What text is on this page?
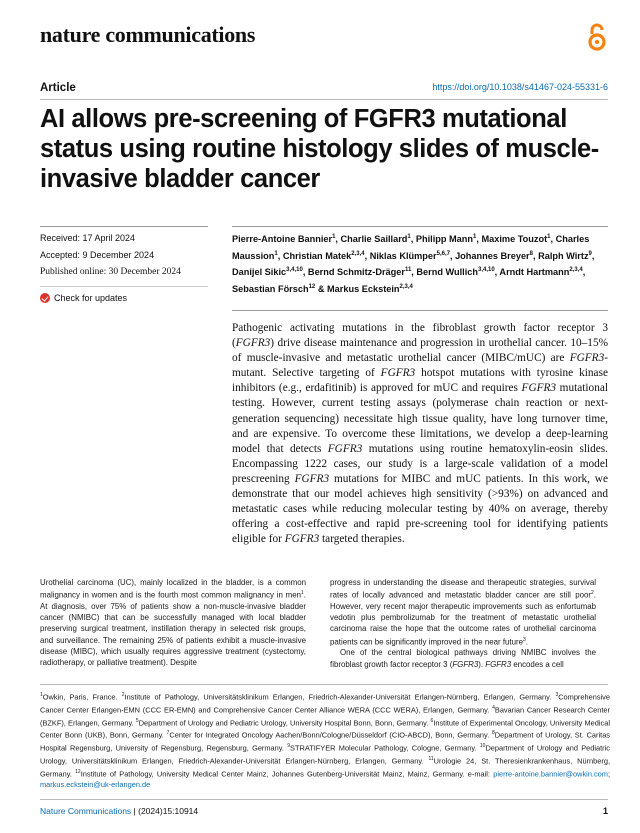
nature communications
Article	https://doi.org/10.1038/s41467-024-55331-6
AI allows pre-screening of FGFR3 mutational status using routine histology slides of muscle-invasive bladder cancer
Received: 17 April 2024
Accepted: 9 December 2024
Published online: 30 December 2024
Check for updates
Pierre-Antoine Bannier$^1$, Charlie Saillard$^1$, Philipp Mann$^1$, Maxime Touzot$^1$, Charles Maussion$^1$, Christian Matek$^{2,3,4}$, Niklas Klümper$^{5,6,7}$, Johannes Breyer$^8$, Ralph Wirtz$^9$, Danijel Sikic$^{3,4,10}$, Bernd Schmitz-Dräger$^{11}$, Bernd Wullich$^{3,4,10}$, Arndt Hartmann$^{2,3,4}$, Sebastian Försch$^{12}$ & Markus Eckstein$^{2,3,4}$
Pathogenic activating mutations in the fibroblast growth factor receptor 3 (FGFR3) drive disease maintenance and progression in urothelial cancer. 10–15% of muscle-invasive and metastatic urothelial cancer (MIBC/mUC) are FGFR3-mutant. Selective targeting of FGFR3 hotspot mutations with tyrosine kinase inhibitors (e.g., erdafitinib) is approved for mUC and requires FGFR3 mutational testing. However, current testing assays (polymerase chain reaction or next-generation sequencing) necessitate high tissue quality, have long turnover time, and are expensive. To overcome these limitations, we develop a deep-learning model that detects FGFR3 mutations using routine hematoxylin-eosin slides. Encompassing 1222 cases, our study is a large-scale validation of a model prescreening FGFR3 mutations for MIBC and mUC patients. In this work, we demonstrate that our model achieves high sensitivity (>93%) on advanced and metastatic cases while reducing molecular testing by 40% on average, thereby offering a cost-effective and rapid pre-screening tool for identifying patients eligible for FGFR3 targeted therapies.

Urothelial carcinoma (UC), mainly localized in the bladder, is a common malignancy in women and is the fourth most common malignancy in men$^1$. At diagnosis, over 75% of patients show a non-muscle-invasive bladder cancer (NMIBC) that can be successfully managed with local bladder preserving surgical treatment, instillation therapy in selected risk groups, and surveillance. The remaining 25% of patients exhibit a muscle-invasive disease (MIBC), which usually requires aggressive treatment (cystectomy, radiotherapy, or palliative treatment). Despite

progress in understanding the disease and therapeutic strategies, survival rates of locally advanced and metastatic bladder cancer are still poor$^2$. However, very recent major therapeutic improvements such as enfortumab vedotin plus pembrolizumab for the treatment of metastatic urothelial carcinoma raise the hope that the outcome rates of urothelial carcinoma patients can be significantly improved in the near future$^3$.

One of the central biological pathways driving NMIBC involves the fibroblast growth factor receptor 3 (FGFR3). FGFR3 encodes a cell

$^1$Owkin, Paris, France. $^2$Institute of Pathology, Universitätsklinikum Erlangen, Friedrich-Alexander-Universität Erlangen-Nürnberg, Erlangen, Germany. $^3$Comprehensive Cancer Center Erlangen-EMN (CCC ER-EMN) and Comprehensive Cancer Center Alliance WERA (CCC WERA), Erlangen, Germany. $^4$Bavarian Cancer Research Center (BZKF), Erlangen, Germany. $^5$Department of Urology and Pediatric Urology, University Hospital Bonn, Bonn, Germany. $^6$Institute of Experimental Oncology, University Medical Center Bonn (UKB), Bonn, Germany. $^7$Center for Integrated Oncology Aachen/Bonn/Cologne/Düsseldorf (CIO-ABCD), Bonn, Germany. $^8$Department of Urology, St. Caritas Hospital Regensburg, University of Regensburg, Regensburg, Germany. $^9$STRATIFYER Molecular Pathology, Cologne, Germany. $^{10}$Department of Urology and Pediatric Urology, Universitätsklinikum Erlangen, Friedrich-Alexander-Universität Erlangen-Nürnberg, Erlangen, Germany. $^{11}$Urologie 24, St. Theresienkrankenhaus, Nürnberg, Germany. $^{12}$Institute of Pathology, University Medical Center Mainz, Johannes Gutenberg-Universität Mainz, Mainz, Germany. e-mail: pierre-antoine.bannier@owkin.com; markus.eckstein@uk-erlangen.de
Nature Communications | (2024)15:10914	1
